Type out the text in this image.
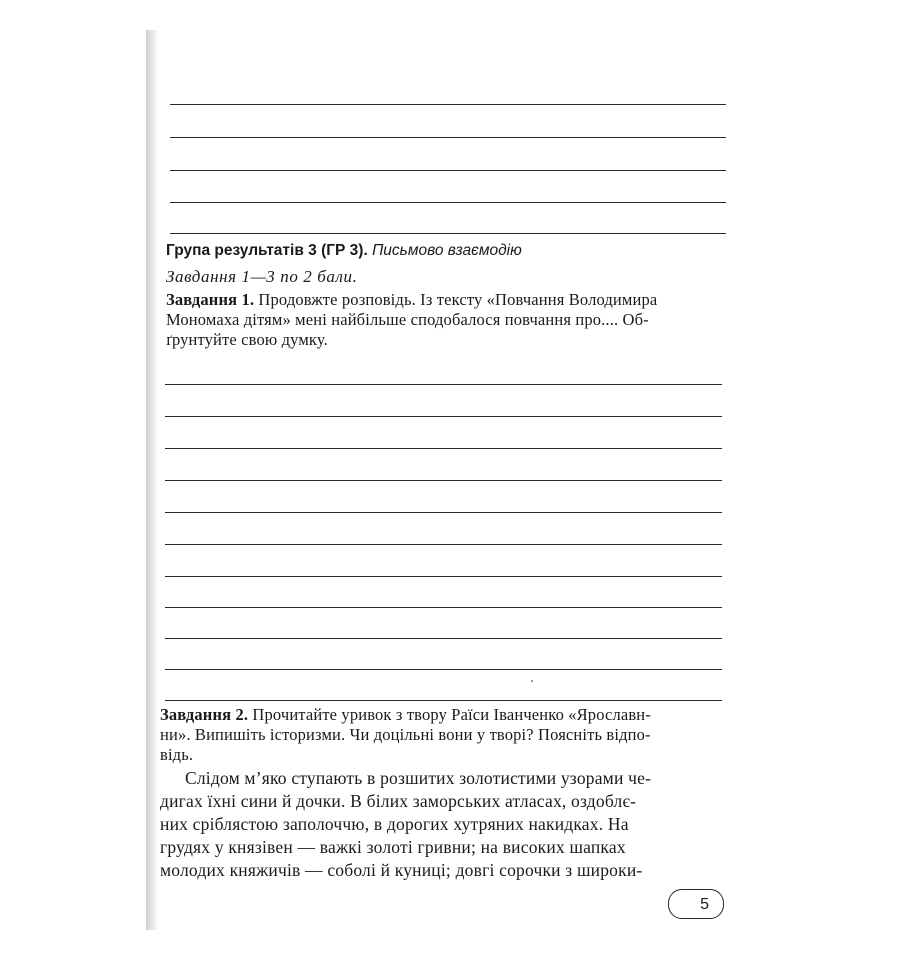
Група результатів 3 (ГР 3). Письмово взаємодію
Завдання 1—3 по 2 бали.
Завдання 1. Продовжте розповідь. Із тексту «Повчання Володимира
Мономаха дітям» мені найбільше сподобалося повчання про.... Об-
ґрунтуйте свою думку.
Завдання 2. Прочитайте уривок з твору Раїси Іванченко «Ярославн-
ни». Випишіть історизми. Чи доцільні вони у творі? Поясніть відпо-
відь.
Слідом м’яко ступають в розшитих золотистими узорами че-
дигах їхні сини й дочки. В білих заморських атласах, оздоблє-
них сріблястою заполоччю, в дорогих хутряних накидках. На
грудях у князівен — важкі золоті гривни; на високих шапках
молодих княжичів — соболі й куниці; довгі сорочки з широки-
5
